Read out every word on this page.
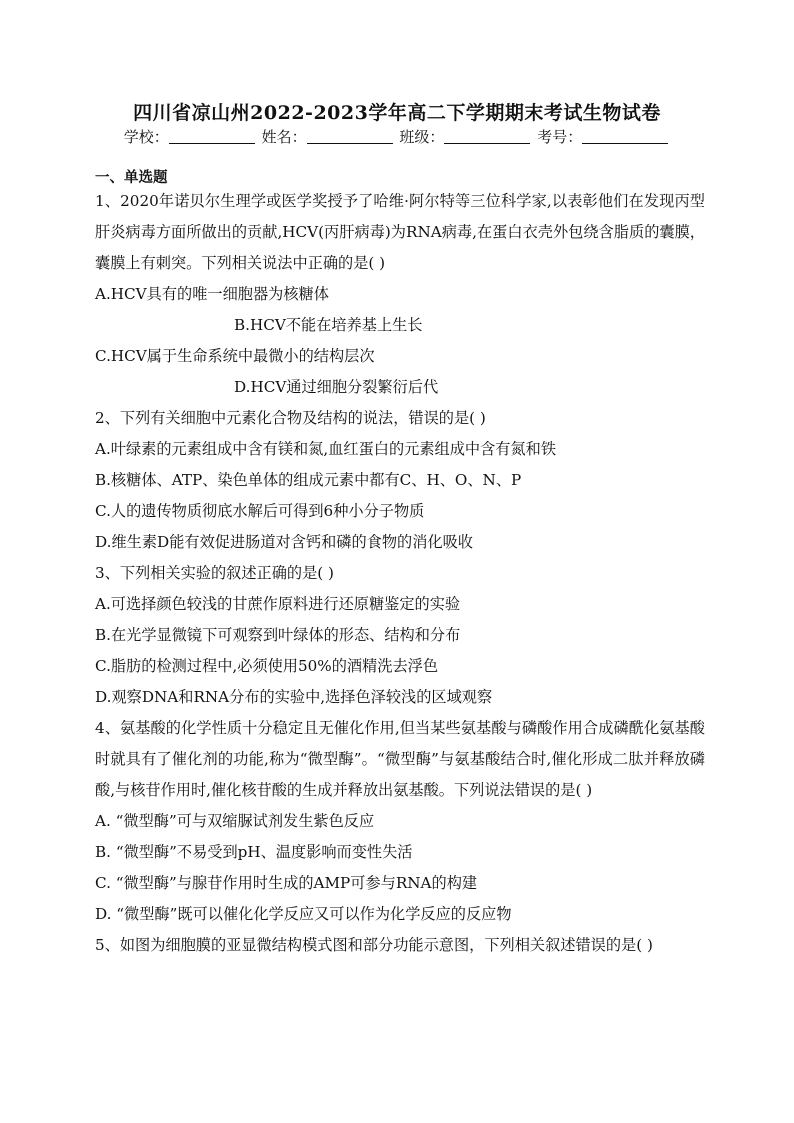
四川省凉山州2022-2023学年高二下学期期末考试生物试卷
学校：	姓名：	班级：	考号：
一、单选题
1、2020年诺贝尔生理学或医学奖授予了哈维·阿尔特等三位科学家,以表彰他们在发现丙型肝炎病毒方面所做出的贡献,HCV(丙肝病毒)为RNA病毒,在蛋白衣壳外包绕含脂质的囊膜，囊膜上有刺突。下列相关说法中正确的是( )
A.HCV具有的唯一细胞器为核糖体
B.HCV不能在培养基上生长
C.HCV属于生命系统中最微小的结构层次
D.HCV通过细胞分裂繁衍后代
2、下列有关细胞中元素化合物及结构的说法，错误的是( )
A.叶绿素的元素组成中含有镁和氮,血红蛋白的元素组成中含有氮和铁
B.核糖体、ATP、染色单体的组成元素中都有C、H、O、N、P
C.人的遗传物质彻底水解后可得到6种小分子物质
D.维生素D能有效促进肠道对含钙和磷的食物的消化吸收
3、下列相关实验的叙述正确的是( )
A.可选择颜色较浅的甘蔗作原料进行还原糖鉴定的实验
B.在光学显微镜下可观察到叶绿体的形态、结构和分布
C.脂肪的检测过程中,必须使用50%的酒精洗去浮色
D.观察DNA和RNA分布的实验中,选择色泽较浅的区域观察
4、氨基酸的化学性质十分稳定且无催化作用,但当某些氨基酸与磷酸作用合成磷酰化氨基酸时就具有了催化剂的功能,称为“微型酶”。“微型酶”与氨基酸结合时,催化形成二肽并释放磷酸,与核苷作用时,催化核苷酸的生成并释放出氨基酸。下列说法错误的是( )
A. “微型酶”可与双缩脲试剂发生紫色反应
B. “微型酶”不易受到pH、温度影响而变性失活
C. “微型酶”与腺苷作用时生成的AMP可参与RNA的构建
D. “微型酶”既可以催化化学反应又可以作为化学反应的反应物
5、如图为细胞膜的亚显微结构模式图和部分功能示意图，下列相关叙述错误的是( )
